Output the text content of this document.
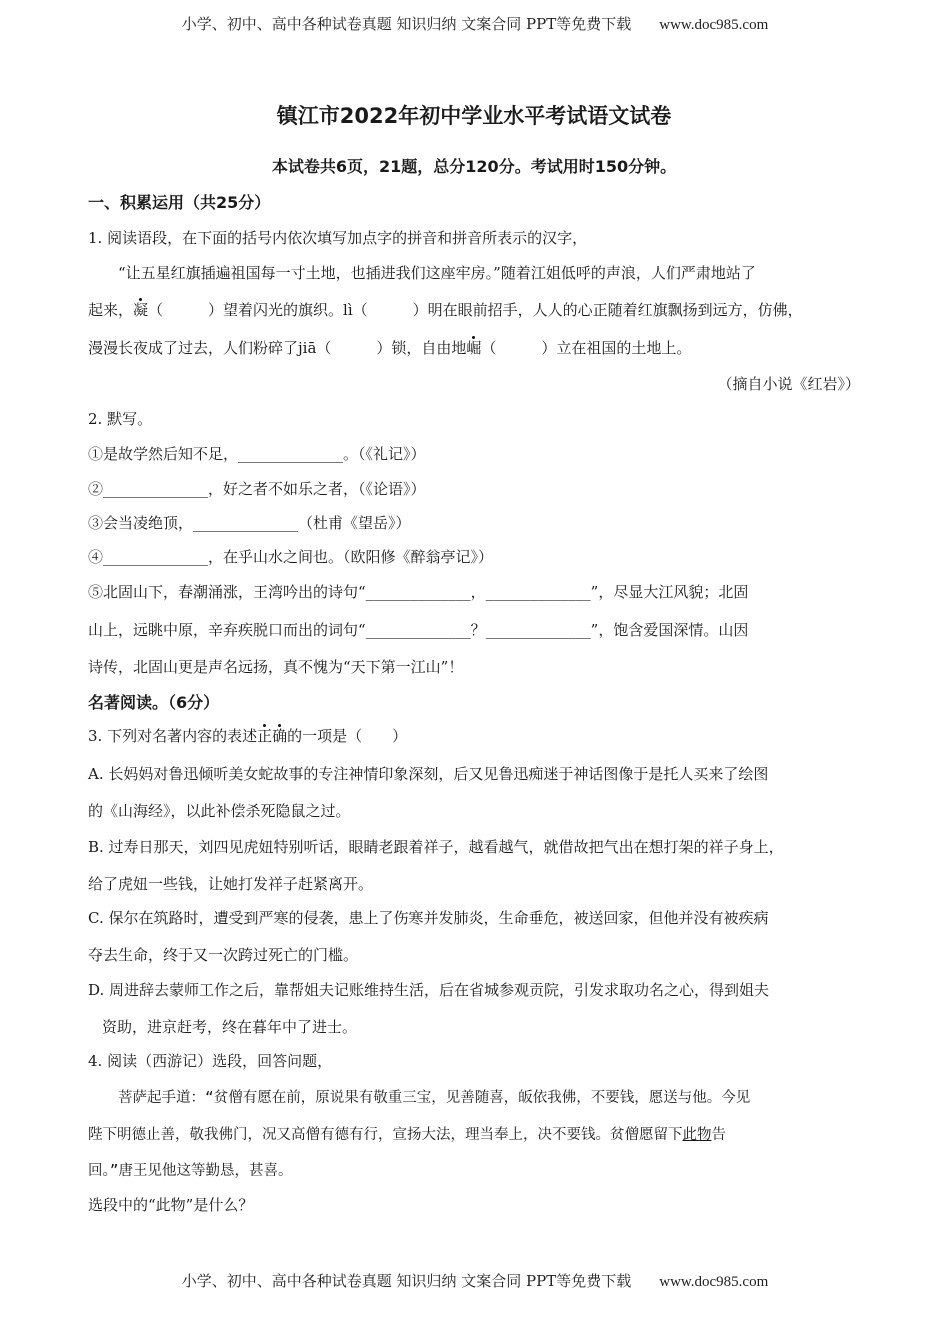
小学、初中、高中各种试卷真题 知识归纳 文案合同 PPT等免费下载 www.doc985.com
镇江市2022年初中学业水平考试语文试卷
本试卷共6页，21题，总分120分。考试用时150分钟。
一、积累运用（共25分）
1. 阅读语段，在下面的括号内依次填写加点字的拼音和拼音所表示的汉字，
“让五星红旗插遍祖国每一寸土地，也插进我们这座牢房。”随着江姐低呼的声浪，人们严肃地站了
起来，凝（　　　）望着闪光的旗织。lì（　　　）明在眼前招手，人人的心正随着红旗飘扬到远方，仿佛，
漫漫长夜成了过去，人们粉碎了jiā（　　　）锁，自由地崛（　　　）立在祖国的土地上。
（摘自小说《红岩》）
2. 默写。
①是故学然后知不足，______________。（《礼记》）
②______________，好之者不如乐之者，（《论语》）
③会当凌绝顶，______________（杜甫《望岳》）
④______________，在乎山水之间也。（欧阳修《醉翁亭记》）
⑤北固山下，春潮涌涨，王湾吟出的诗句“______________，______________”，尽显大江风貌；北固
山上，远眺中原，辛弃疾脱口而出的词句“______________？______________”，饱含爱国深情。山因
诗传，北固山更是声名远扬，真不愧为“天下第一江山”！
名著阅读。（6分）
3. 下列对名著内容的表述正确的一项是（　　）
A. 长妈妈对鲁迅倾听美女蛇故事的专注神情印象深刻，后又见鲁迅痴迷于神话图像于是托人买来了绘图
的《山海经》，以此补偿杀死隐鼠之过。
B. 过寿日那天，刘四见虎妞特别听话，眼睛老跟着祥子，越看越气，就借故把气出在想打架的祥子身上，
给了虎妞一些钱，让她打发祥子赶紧离开。
C. 保尔在筑路时，遭受到严寒的侵袭，患上了伤寒并发肺炎，生命垂危，被送回家，但他并没有被疾病
夺去生命，终于又一次跨过死亡的门槛。
D. 周进辞去蒙师工作之后，靠帮姐夫记账维持生活，后在省城参观贡院，引发求取功名之心，得到姐夫
资助，进京赶考，终在暮年中了进士。
4. 阅读（西游记）选段，回答问题，
菩萨起手道：“贫僧有愿在前，原说果有敬重三宝，见善随喜，皈依我佛，不要钱，愿送与他。今见
陛下明德止善，敬我佛门，况又高僧有德有行，宣扬大法，理当奉上，决不要钱。贫僧愿留下此物告
回。”唐王见他这等勤恳，甚喜。
选段中的“此物”是什么？
小学、初中、高中各种试卷真题 知识归纳 文案合同 PPT等免费下载 www.doc985.com
